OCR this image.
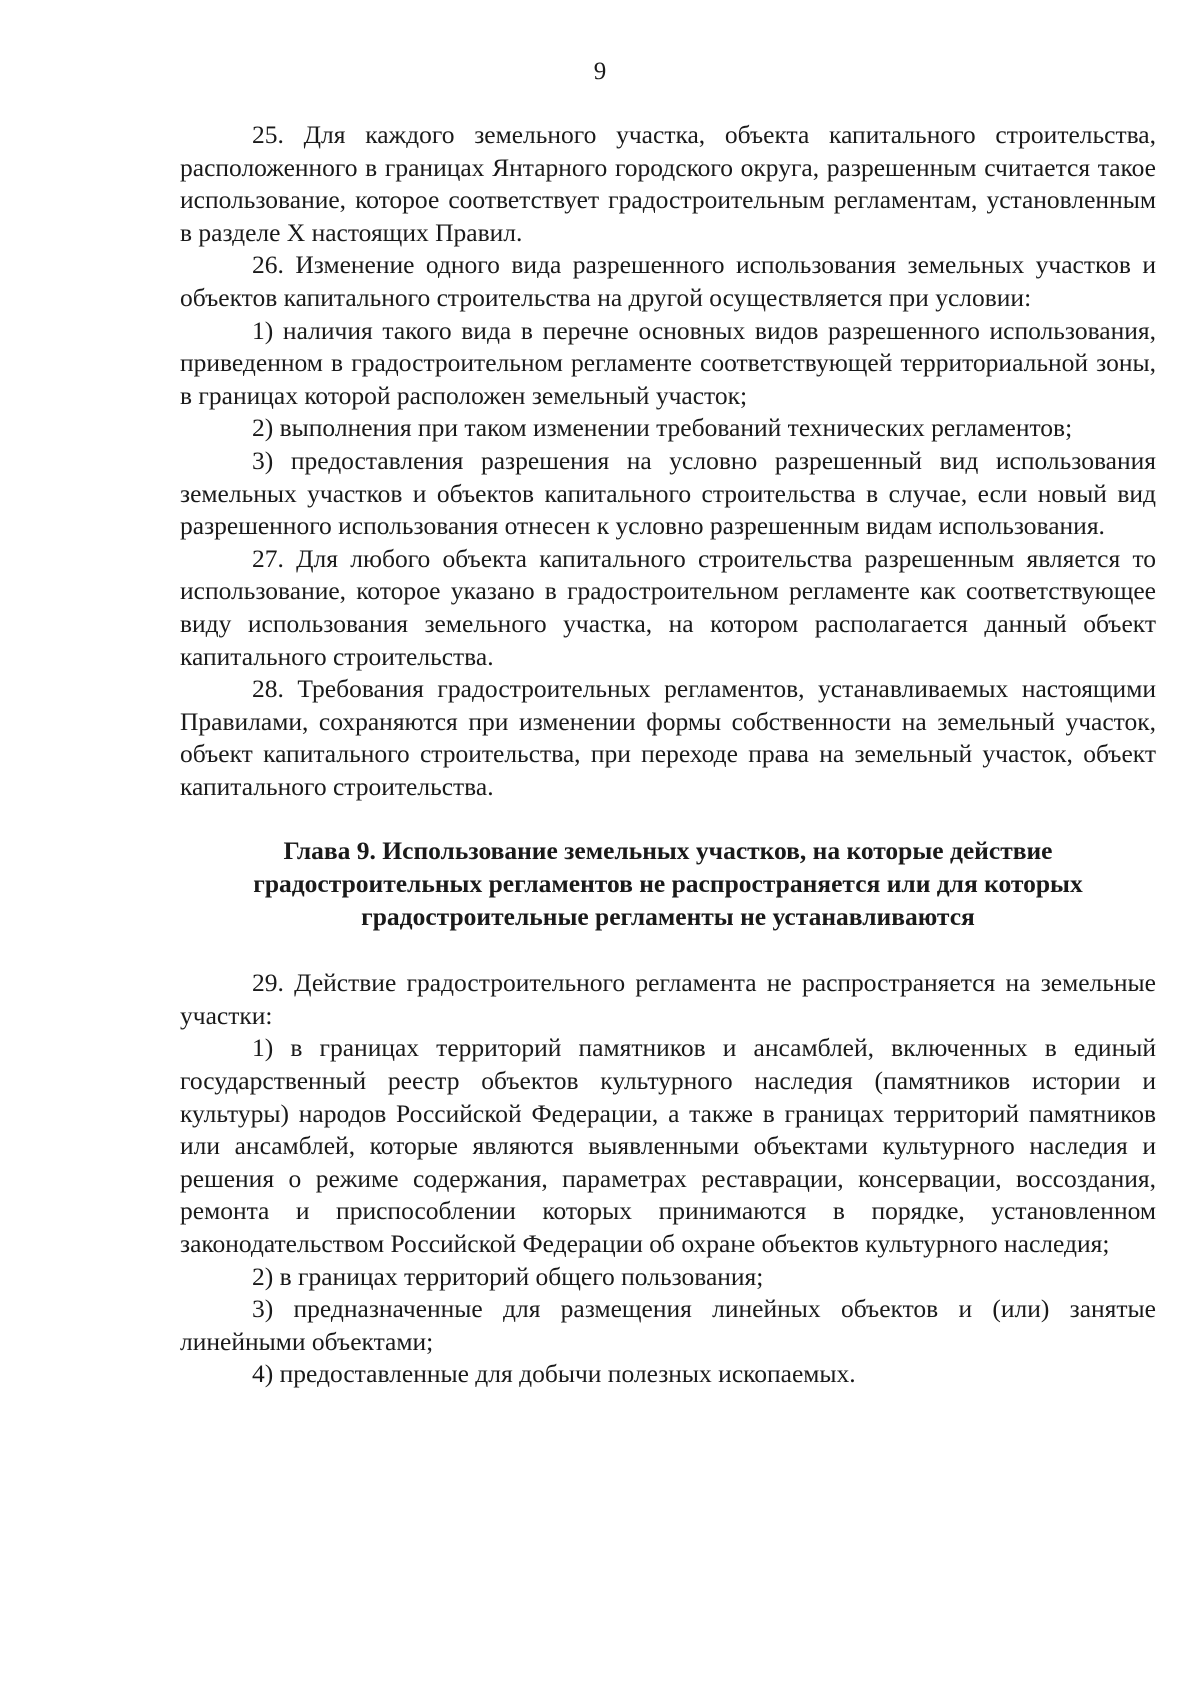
9

25. Для каждого земельного участка, объекта капитального строительства, расположенного в границах Янтарного городского округа, разрешенным считается такое использование, которое соответствует градостроительным регламентам, установленным в разделе X настоящих Правил.

26. Изменение одного вида разрешенного использования земельных участков и объектов капитального строительства на другой осуществляется при условии:

1) наличия такого вида в перечне основных видов разрешенного использования, приведенном в градостроительном регламенте соответствующей территориальной зоны, в границах которой расположен земельный участок;

2) выполнения при таком изменении требований технических регламентов;

3) предоставления разрешения на условно разрешенный вид использования земельных участков и объектов капитального строительства в случае, если новый вид разрешенного использования отнесен к условно разрешенным видам использования.

27. Для любого объекта капитального строительства разрешенным является то использование, которое указано в градостроительном регламенте как соответствующее виду использования земельного участка, на котором располагается данный объект капитального строительства.

28. Требования градостроительных регламентов, устанавливаемых настоящими Правилами, сохраняются при изменении формы собственности на земельный участок, объект капитального строительства, при переходе права на земельный участок, объект капитального строительства.

Глава 9. Использование земельных участков, на которые действие
градостроительных регламентов не распространяется или для которых
градостроительные регламенты не устанавливаются

29. Действие градостроительного регламента не распространяется на земельные участки:

1) в границах территорий памятников и ансамблей, включенных в единый государственный реестр объектов культурного наследия (памятников истории и культуры) народов Российской Федерации, а также в границах территорий памятников или ансамблей, которые являются выявленными объектами культурного наследия и решения о режиме содержания, параметрах реставрации, консервации, воссоздания, ремонта и приспособлении которых принимаются в порядке, установленном законодательством Российской Федерации об охране объектов культурного наследия;

2) в границах территорий общего пользования;

3) предназначенные для размещения линейных объектов и (или) занятые линейными объектами;

4) предоставленные для добычи полезных ископаемых.
